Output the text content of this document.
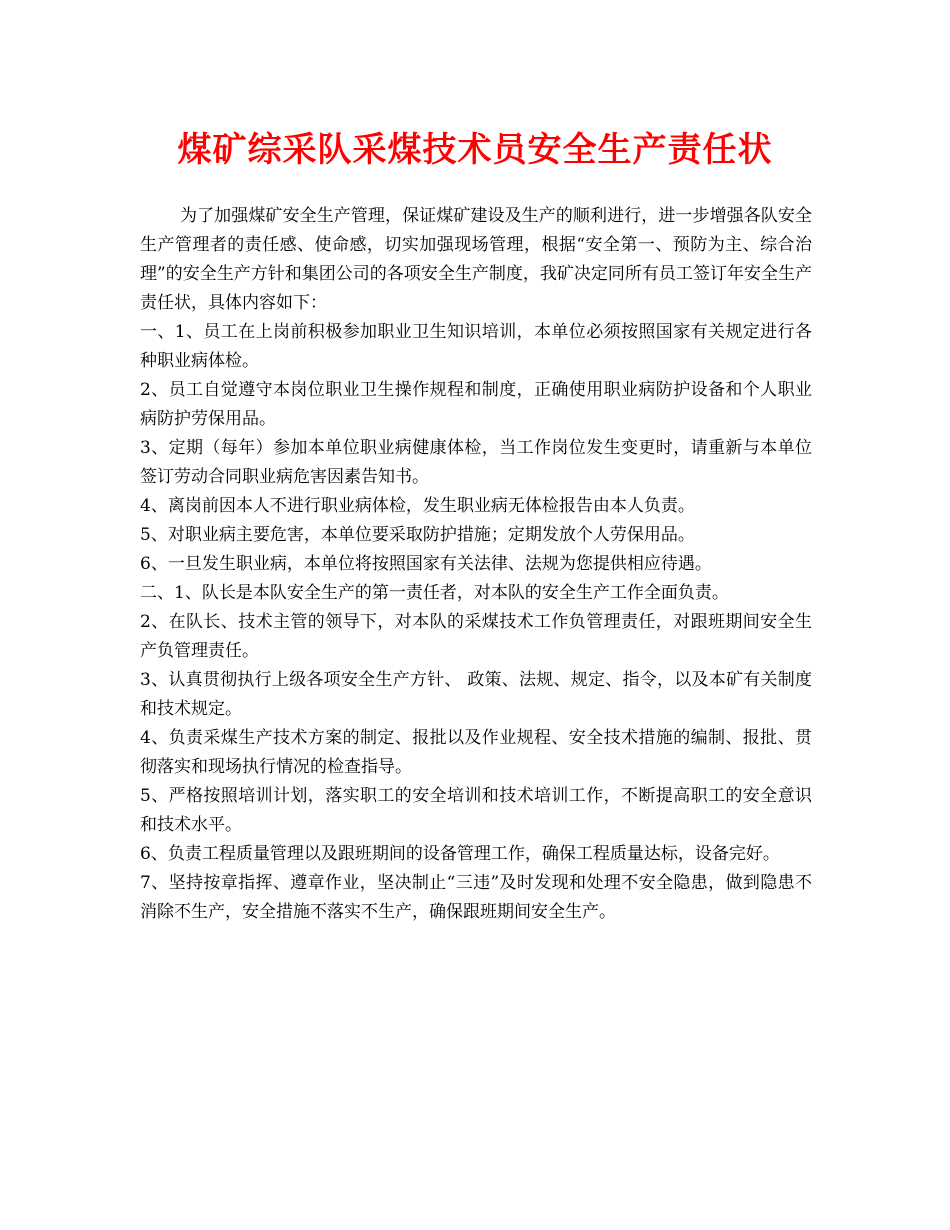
煤矿综采队采煤技术员安全生产责任状

为了加强煤矿安全生产管理，保证煤矿建设及生产的顺利进行，进一步增强各队安全生产管理者的责任感、使命感，切实加强现场管理，根据“安全第一、预防为主、综合治理”的安全生产方针和集团公司的各项安全生产制度，我矿决定同所有员工签订年安全生产责任状，具体内容如下：

一、1、员工在上岗前积极参加职业卫生知识培训，本单位必须按照国家有关规定进行各种职业病体检。

2、员工自觉遵守本岗位职业卫生操作规程和制度，正确使用职业病防护设备和个人职业病防护劳保用品。

3、定期（每年）参加本单位职业病健康体检，当工作岗位发生变更时，请重新与本单位签订劳动合同职业病危害因素告知书。

4、离岗前因本人不进行职业病体检，发生职业病无体检报告由本人负责。

5、对职业病主要危害，本单位要采取防护措施；定期发放个人劳保用品。

6、一旦发生职业病，本单位将按照国家有关法律、法规为您提供相应待遇。

二、1、队长是本队安全生产的第一责任者，对本队的安全生产工作全面负责。

2、在队长、技术主管的领导下，对本队的采煤技术工作负管理责任，对跟班期间安全生产负管理责任。

3、认真贯彻执行上级各项安全生产方针、 政策、法规、规定、指令，以及本矿有关制度和技术规定。

4、负责采煤生产技术方案的制定、报批以及作业规程、安全技术措施的编制、报批、贯彻落实和现场执行情况的检查指导。

5、严格按照培训计划，落实职工的安全培训和技术培训工作，不断提高职工的安全意识和技术水平。

6、负责工程质量管理以及跟班期间的设备管理工作，确保工程质量达标，设备完好。

7、坚持按章指挥、遵章作业，坚决制止“三违”及时发现和处理不安全隐患，做到隐患不消除不生产，安全措施不落实不生产，确保跟班期间安全生产。
